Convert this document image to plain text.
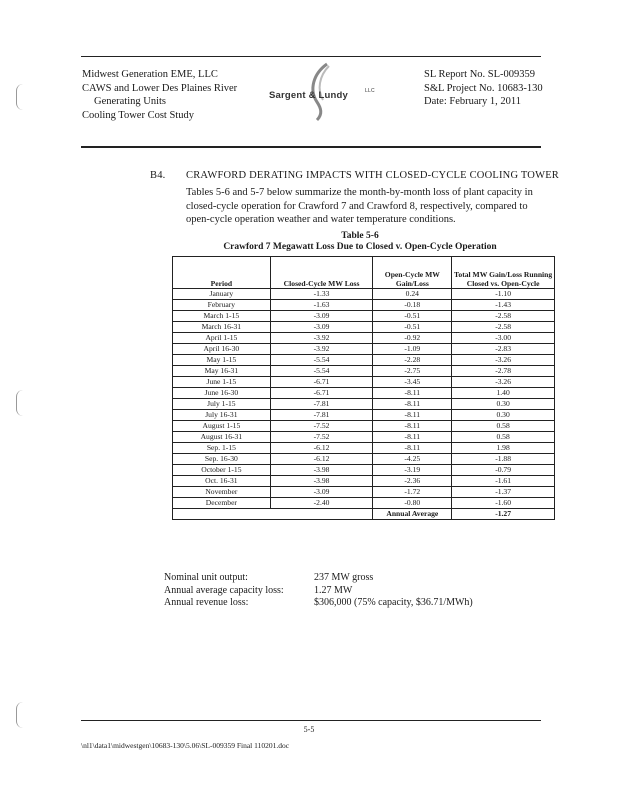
Midwest Generation EME, LLC
CAWS and Lower Des Plaines River
Generating Units
Cooling Tower Cost Study
Sargent & Lundy	LLC
SL Report No. SL-009359
S&L Project No. 10683-130
Date: February 1, 2011
B4. CRAWFORD DERATING IMPACTS WITH CLOSED-CYCLE COOLING TOWER

Tables 5-6 and 5-7 below summarize the month-by-month loss of plant capacity in

closed-cycle operation for Crawford 7 and Crawford 8, respectively, compared to

open-cycle operation weather and water temperature conditions.

Table 5-6
Crawford 7 Megawatt Loss Due to Closed v. Open-Cycle Operation
Period	Closed-Cycle MW Loss	Open-Cycle MW Gain/Loss	Total MW Gain/Loss Running Closed vs. Open-Cycle
January	-1.33	0.24	-1.10
February	-1.63	-0.18	-1.43
March 1-15	-3.09	-0.51	-2.58
March 16-31	-3.09	-0.51	-2.58
April 1-15	-3.92	-0.92	-3.00
April 16-30	-3.92	-1.09	-2.83
May 1-15	-5.54	-2.28	-3.26
May 16-31	-5.54	-2.75	-2.78
June 1-15	-6.71	-3.45	-3.26
June 16-30	-6.71	-8.11	1.40
July 1-15	-7.81	-8.11	0.30
July 16-31	-7.81	-8.11	0.30
August 1-15	-7.52	-8.11	0.58
August 16-31	-7.52	-8.11	0.58
Sep. 1-15	-6.12	-8.11	1.98
Sep. 16-30	-6.12	-4.25	-1.88
October 1-15	-3.98	-3.19	-0.79
Oct. 16-31	-3.98	-2.36	-1.61
November	-3.09	-1.72	-1.37
December	-2.40	-0.80	-1.60
		Annual Average	-1.27
Nominal unit output:	237 MW gross
Annual average capacity loss:	1.27 MW
Annual revenue loss:	$306,000 (75% capacity, $36.71/MWh)
5-5
\nl1\data1\midwestgen\10683-130\5.06\SL-009359 Final 110201.doc
